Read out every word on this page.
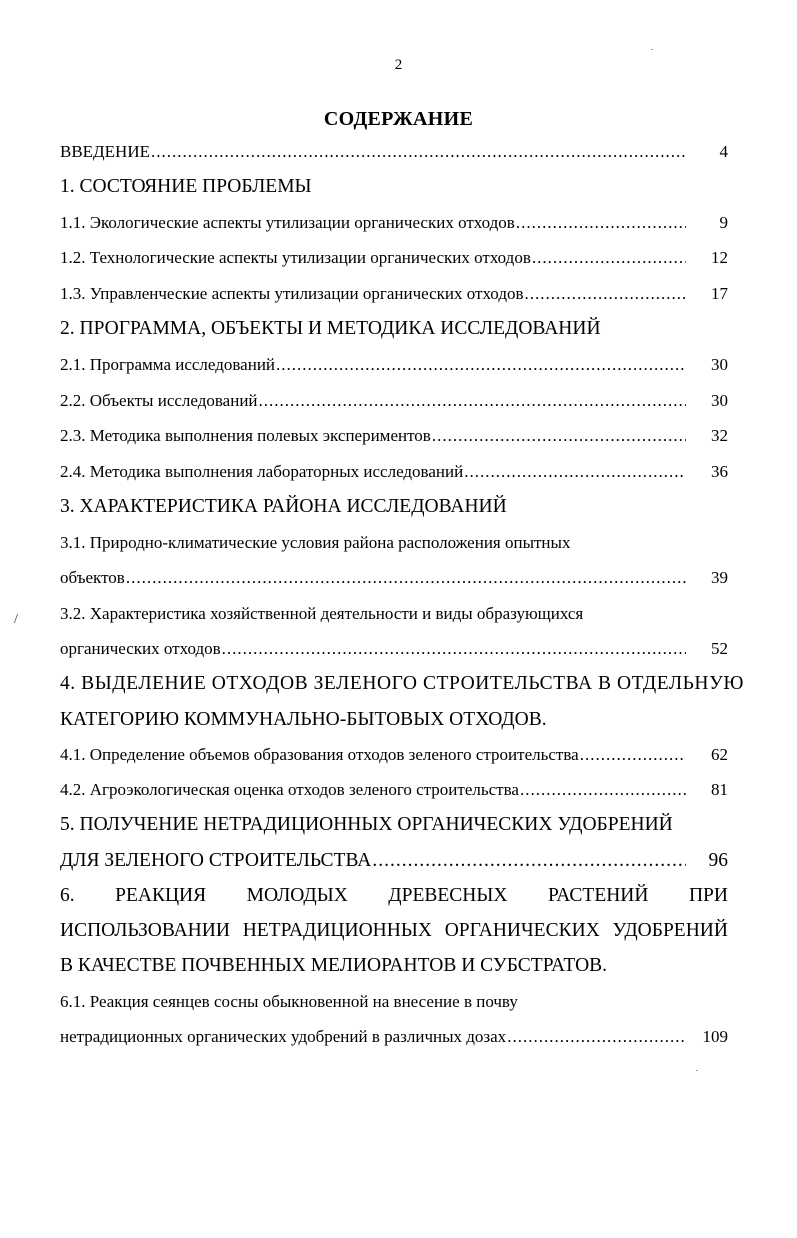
2
СОДЕРЖАНИЕ
/
ВВЕДЕНИЕ .....	4
1. СОСТОЯНИЕ ПРОБЛЕМЫ
1.1. Экологические аспекты утилизации органических отходов .....	9
1.2. Технологические аспекты утилизации органических отходов .....	12
1.3. Управленческие аспекты утилизации органических отходов .....	17
2. ПРОГРАММА, ОБЪЕКТЫ И МЕТОДИКА ИССЛЕДОВАНИЙ
2.1. Программа исследований .....	30
2.2. Объекты исследований .....	30
2.3. Методика выполнения полевых экспериментов .....	32
2.4. Методика выполнения лабораторных исследований .....	36
3. ХАРАКТЕРИСТИКА РАЙОНА ИССЛЕДОВАНИЙ
3.1. Природно-климатические условия района расположения опытных
объектов .....	39
3.2. Характеристика хозяйственной деятельности и виды образующихся
органических отходов .....	52
4. ВЫДЕЛЕНИЕ ОТХОДОВ ЗЕЛЕНОГО СТРОИТЕЛЬСТВА В ОТДЕЛЬНУЮ
КАТЕГОРИЮ КОММУНАЛЬНО-БЫТОВЫХ ОТХОДОВ.
4.1. Определение объемов образования отходов зеленого строительства .....	62
4.2. Агроэкологическая оценка отходов зеленого строительства .....	81
5. ПОЛУЧЕНИЕ НЕТРАДИЦИОННЫХ ОРГАНИЧЕСКИХ УДОБРЕНИЙ
ДЛЯ ЗЕЛЕНОГО СТРОИТЕЛЬСТВА .....	96
6. РЕАКЦИЯ МОЛОДЫХ ДРЕВЕСНЫХ РАСТЕНИЙ ПРИ
ИСПОЛЬЗОВАНИИ НЕТРАДИЦИОННЫХ ОРГАНИЧЕСКИХ УДОБРЕНИЙ
В КАЧЕСТВЕ ПОЧВЕННЫХ МЕЛИОРАНТОВ И СУБСТРАТОВ.
6.1. Реакция сеянцев сосны обыкновенной на внесение в почву
нетрадиционных органических удобрений в различных дозах .....	109
